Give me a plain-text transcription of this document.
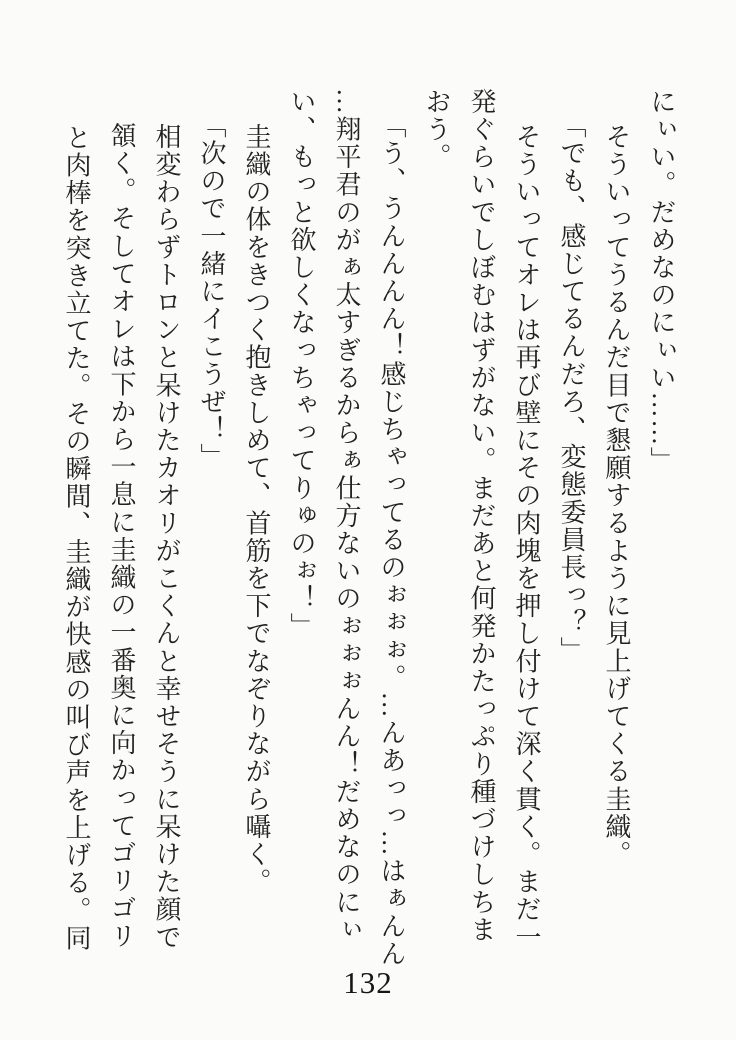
にぃい。だめなのにぃい……」
そういってうるんだ目で懇願するように見上げてくる圭織。
「でも、感じてるんだろ、変態委員長っ？」
そういってオレは再び壁にその肉塊を押し付けて深く貫く。まだ一
発ぐらいでしぼむはずがない。まだあと何発かたっぷり種づけしちま
おう。
「う、うんんんん！感じちゃってるのぉぉぉ。…んあっっ…はぁんん
…翔平君のがぁ太すぎるからぁ仕方ないのぉぉぉんん！だめなのにぃ
い、もっと欲しくなっちゃってりゅのぉ！」
圭織の体をきつく抱きしめて、首筋を下でなぞりながら囁く。
「次ので一緒にイこうぜ！」
相変わらずトロンと呆けたカオリがこくんと幸せそうに呆けた顔で
頷く。そしてオレは下から一息に圭織の一番奥に向かってゴリゴリ
と肉棒を突き立てた。その瞬間、圭織が快感の叫び声を上げる。同
132
